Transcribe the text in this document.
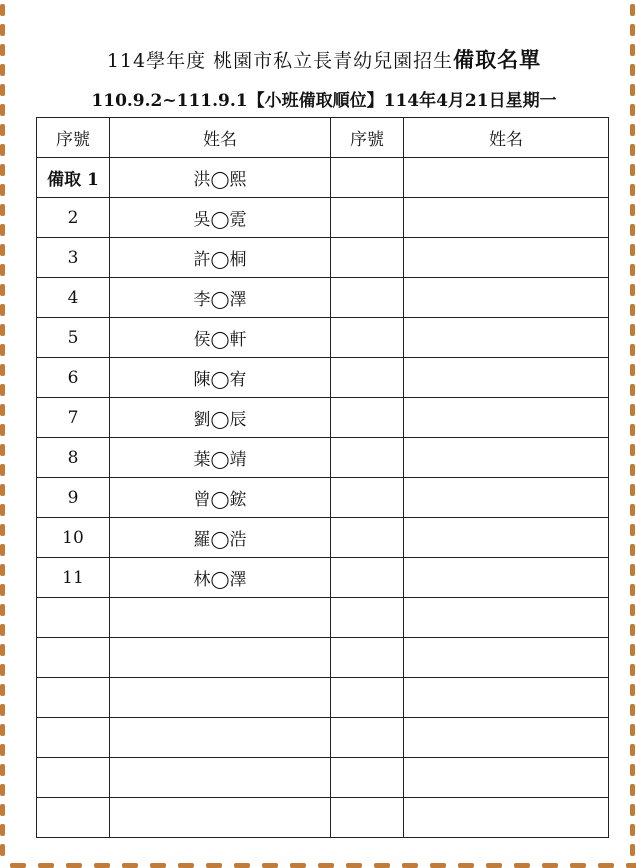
114學年度 桃園市私立長青幼兒園招生備取名單
110.9.2~111.9.1【小班備取順位】114年4月21日星期一
序號	姓名	序號	姓名
備取 1	洪◯熙		
2	吳◯霓		
3	許◯桐		
4	李◯澤		
5	侯◯軒		
6	陳◯宥		
7	劉◯辰		
8	葉◯靖		
9	曾◯鋐		
10	羅◯浩		
11	林◯澤		
